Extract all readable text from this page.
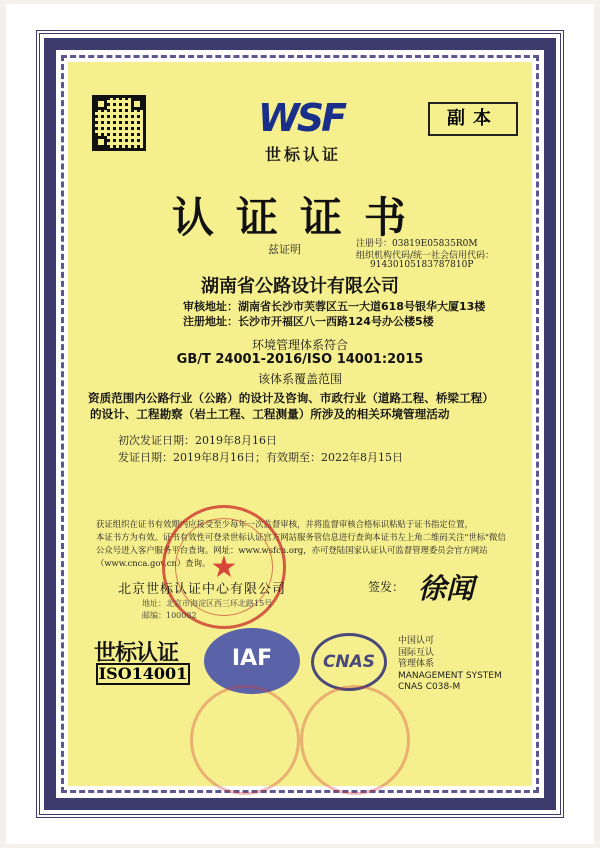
WSF
世标认证
副本
认证证书
兹证明	注册号：03819E05835R0M
组织机构代码/统一社会信用代码：
91430105183787810P
湖南省公路设计有限公司
审核地址：湖南省长沙市芙蓉区五一大道618号银华大厦13楼
注册地址：长沙市开福区八一西路124号办公楼5楼
环境管理体系符合
GB/T 24001-2016/ISO 14001:2015
该体系覆盖范围
资质范围内公路行业（公路）的设计及咨询、市政行业（道路工程、桥梁工程）
的设计、工程勘察（岩土工程、工程测量）所涉及的相关环境管理活动
初次发证日期：2019年8月16日
发证日期：2019年8月16日；有效期至：2022年8月15日
获证组织在证书有效期内应接受至少每年一次监督审核，并将监督审核合格标识粘贴于证书指定位置，
本证书方为有效。证书有效性可登录世标认证官方网站服务管信息进行查询本证书左上角二维码关注"世标"微信
公众号进入客户服务平台查询。网址：www.wsfcn.org，亦可登陆国家认证认可监督管理委员会官方网站
（www.cnca.gov.cn）查询。 ★
北京世标认证中心有限公司	签发： 徐闻
地址：北京市海淀区西三环北路15号
邮编：100082
世标认证
ISO14001
IAF	CNAS
中国认可
国际互认
管理体系
MANAGEMENT SYSTEM
CNAS C038-M
